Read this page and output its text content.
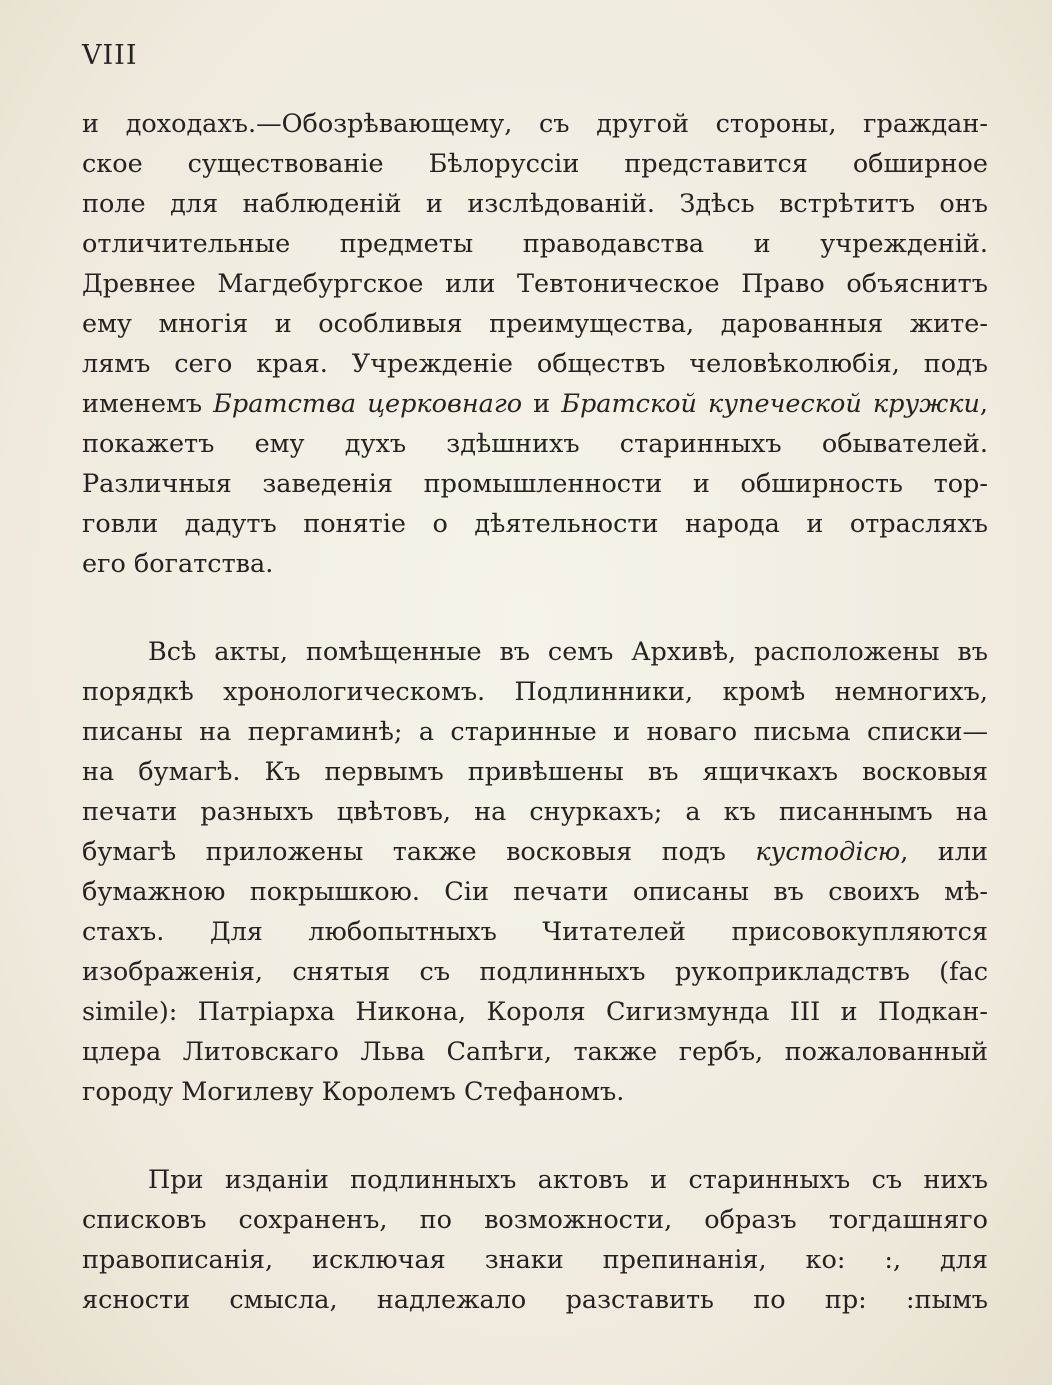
VIII
и доходахъ.—Обозрѣвающему, съ другой стороны, граждан-
ское существованіе Бѣлоруссіи представится обширное
поле для наблюденій и изслѣдованій. Здѣсь встрѣтитъ онъ
отличительные предметы праводавства и учрежденій.
Древнее Магдебургское или Тевтоническое Право объяснитъ
ему многія и особливыя преимущества, дарованныя жите-
лямъ сего края. Учрежденіе обществъ человѣколюбія, подъ
именемъ Братства церковнаго и Братской купеческой кружки,
покажетъ ему духъ здѣшнихъ старинныхъ обывателей.
Различныя заведенія промышленности и обширность тор-
говли дадутъ понятіе о дѣятельности народа и отрасляхъ
его богатства.
Всѣ акты, помѣщенные въ семъ Архивѣ, расположены въ
порядкѣ хронологическомъ. Подлинники, кромѣ немногихъ,
писаны на пергаминѣ; а старинные и новаго письма списки—
на бумагѣ. Къ первымъ привѣшены въ ящичкахъ восковыя
печати разныхъ цвѣтовъ, на снуркахъ; а къ писаннымъ на
бумагѣ приложены также восковыя подъ кустодісю, или
бумажною покрышкою. Сіи печати описаны въ своихъ мѣ-
стахъ. Для любопытныхъ Читателей присовокупляются
изображенія, снятыя съ подлинныхъ рукоприкладствъ (fac
simile): Патріарха Никона, Короля Сигизмунда III и Подкан-
цлера Литовскаго Льва Сапѣги, также гербъ, пожалованный
городу Могилеву Королемъ Стефаномъ.
При изданіи подлинныхъ актовъ и старинныхъ съ нихъ
списковъ сохраненъ, по возможности, образъ тогдашняго
правописанія, исключая знаки препинанія, ко: :, для
ясности смысла, надлежало разставить по пр: :пымъ
